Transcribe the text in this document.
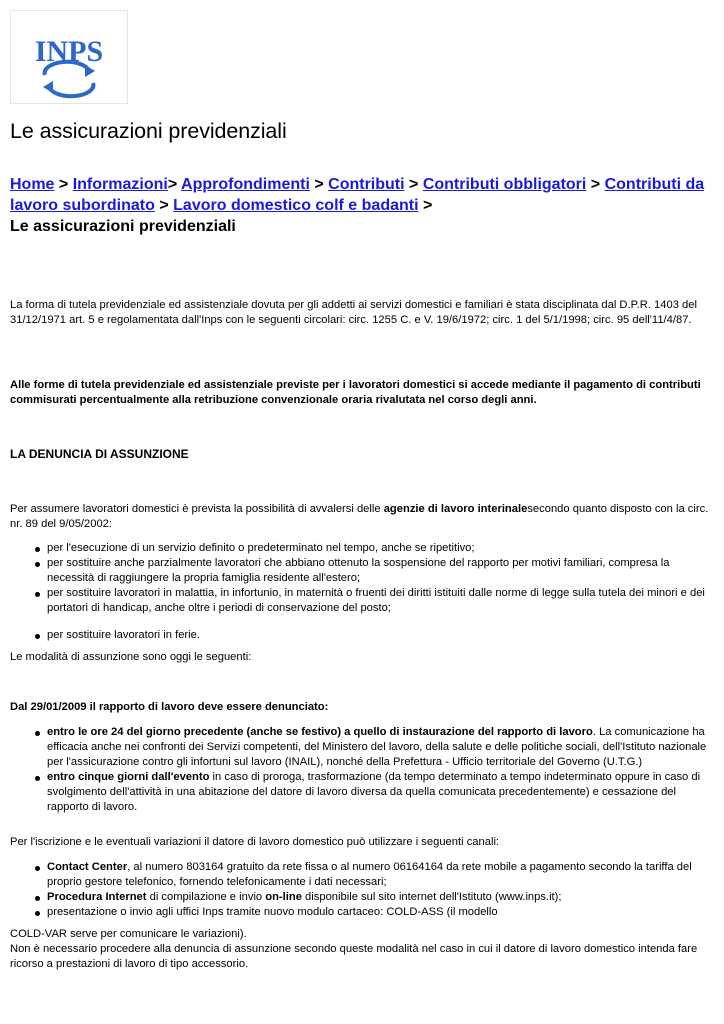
INPS
Le assicurazioni previdenziali
Home > Informazioni> Approfondimenti > Contributi > Contributi obbligatori > Contributi da lavoro subordinato > Lavoro domestico colf e badanti >
Le assicurazioni previdenziali
La forma di tutela previdenziale ed assistenziale dovuta per gli addetti ai servizi domestici e familiari è stata disciplinata dal D.P.R. 1403 del 31/12/1971 art. 5 e regolamentata dall'Inps con le seguenti circolari: circ. 1255 C. e V. 19/6/1972; circ. 1 del 5/1/1998; circ. 95 dell'11/4/87.
Alle forme di tutela previdenziale ed assistenziale previste per i lavoratori domestici si accede mediante il pagamento di contributi commisurati percentualmente alla retribuzione convenzionale oraria rivalutata nel corso degli anni.
LA DENUNCIA DI ASSUNZIONE
Per assumere lavoratori domestici è prevista la possibilità di avvalersi delle agenzie di lavoro interinalesecondo quanto disposto con la circ. nr. 89 del 9/05/2002:
per l'esecuzione di un servizio definito o predeterminato nel tempo, anche se ripetitivo;
per sostituire anche parzialmente lavoratori che abbiano ottenuto la sospensione del rapporto per motivi familiari, compresa la necessità di raggiungere la propria famiglia residente all'estero;
per sostituire lavoratori in malattia, in infortunio, in maternità o fruenti dei diritti istituiti dalle norme di legge sulla tutela dei minori e dei portatori di handicap, anche oltre i periodi di conservazione del posto;
per sostituire lavoratori in ferie.
Le modalità di assunzione sono oggi le seguenti:
Dal 29/01/2009 il rapporto di lavoro deve essere denunciato:
entro le ore 24 del giorno precedente (anche se festivo) a quello di instaurazione del rapporto di lavoro. La comunicazione ha efficacia anche nei confronti dei Servizi competenti, del Ministero del lavoro, della salute e delle politiche sociali, dell'Istituto nazionale per l'assicurazione contro gli infortuni sul lavoro (INAIL), nonché della Prefettura - Ufficio territoriale del Governo (U.T.G.)
entro cinque giorni dall'evento in caso di proroga, trasformazione (da tempo determinato a tempo indeterminato oppure in caso di svolgimento dell'attività in una abitazione del datore di lavoro diversa da quella comunicata precedentemente) e cessazione del rapporto di lavoro.
Per l'iscrizione e le eventuali variazioni il datore di lavoro domestico può utilizzare i seguenti canali:
Contact Center, al numero 803164 gratuito da rete fissa o al numero 06164164 da rete mobile a pagamento secondo la tariffa del proprio gestore telefonico, fornendo telefonicamente i dati necessari;
Procedura Internet di compilazione e invio on-line disponibile sul sito internet dell'Istituto (www.inps.it);
presentazione o invio agli uffici Inps tramite nuovo modulo cartaceo: COLD-ASS (il modello
COLD-VAR serve per comunicare le variazioni).
Non è necessario procedere alla denuncia di assunzione secondo queste modalità nel caso in cui il datore di lavoro domestico intenda fare ricorso a prestazioni di lavoro di tipo accessorio.
